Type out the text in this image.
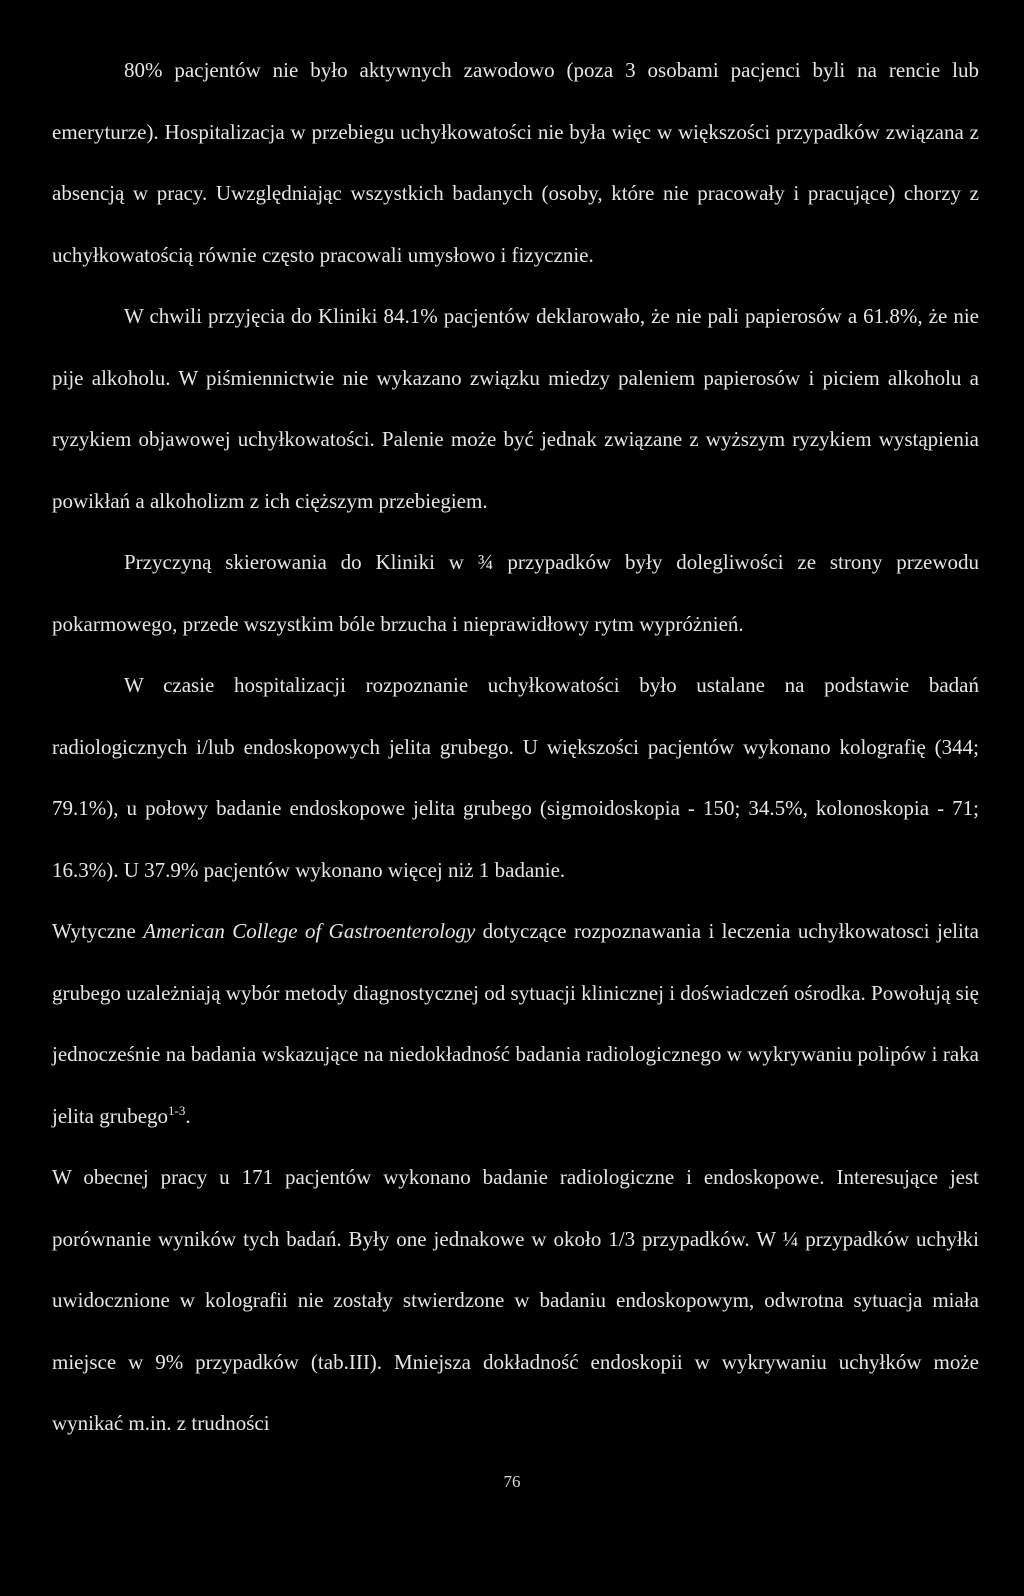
80% pacjentów nie było aktywnych zawodowo (poza 3 osobami pacjenci byli na rencie lub emeryturze). Hospitalizacja w przebiegu uchyłkowatości nie była więc w większości przypadków związana z absencją w pracy. Uwzględniając wszystkich badanych (osoby, które nie pracowały i pracujące) chorzy z uchyłkowatością równie często pracowali umysłowo i fizycznie.

W chwili przyjęcia do Kliniki 84.1% pacjentów deklarowało, że nie pali papierosów a 61.8%, że nie pije alkoholu. W piśmiennictwie nie wykazano związku miedzy paleniem papierosów i piciem alkoholu a ryzykiem objawowej uchyłkowatości. Palenie może być jednak związane z wyższym ryzykiem wystąpienia powikłań a alkoholizm z ich cięższym przebiegiem.

Przyczyną skierowania do Kliniki w ¾ przypadków były dolegliwości ze strony przewodu pokarmowego, przede wszystkim bóle brzucha i nieprawidłowy rytm wypróżnień.

W czasie hospitalizacji rozpoznanie uchyłkowatości było ustalane na podstawie badań radiologicznych i/lub endoskopowych jelita grubego. U większości pacjentów wykonano kolografię (344; 79.1%), u połowy badanie endoskopowe jelita grubego (sigmoidoskopia - 150; 34.5%, kolonoskopia - 71; 16.3%). U 37.9% pacjentów wykonano więcej niż 1 badanie.

Wytyczne American College of Gastroenterology dotyczące rozpoznawania i leczenia uchyłkowatosci jelita grubego uzależniają wybór metody diagnostycznej od sytuacji klinicznej i doświadczeń ośrodka. Powołują się jednocześnie na badania wskazujące na niedokładność badania radiologicznego w wykrywaniu polipów i raka jelita grubego$^{1-3}$.

W obecnej pracy u 171 pacjentów wykonano badanie radiologiczne i endoskopowe. Interesujące jest porównanie wyników tych badań. Były one jednakowe w około 1/3 przypadków. W ¼ przypadków uchyłki uwidocznione w kolografii nie zostały stwierdzone w badaniu endoskopowym, odwrotna sytuacja miała miejsce w 9% przypadków (tab.III). Mniejsza dokładność endoskopii w wykrywaniu uchyłków może wynikać m.in. z trudności

76
